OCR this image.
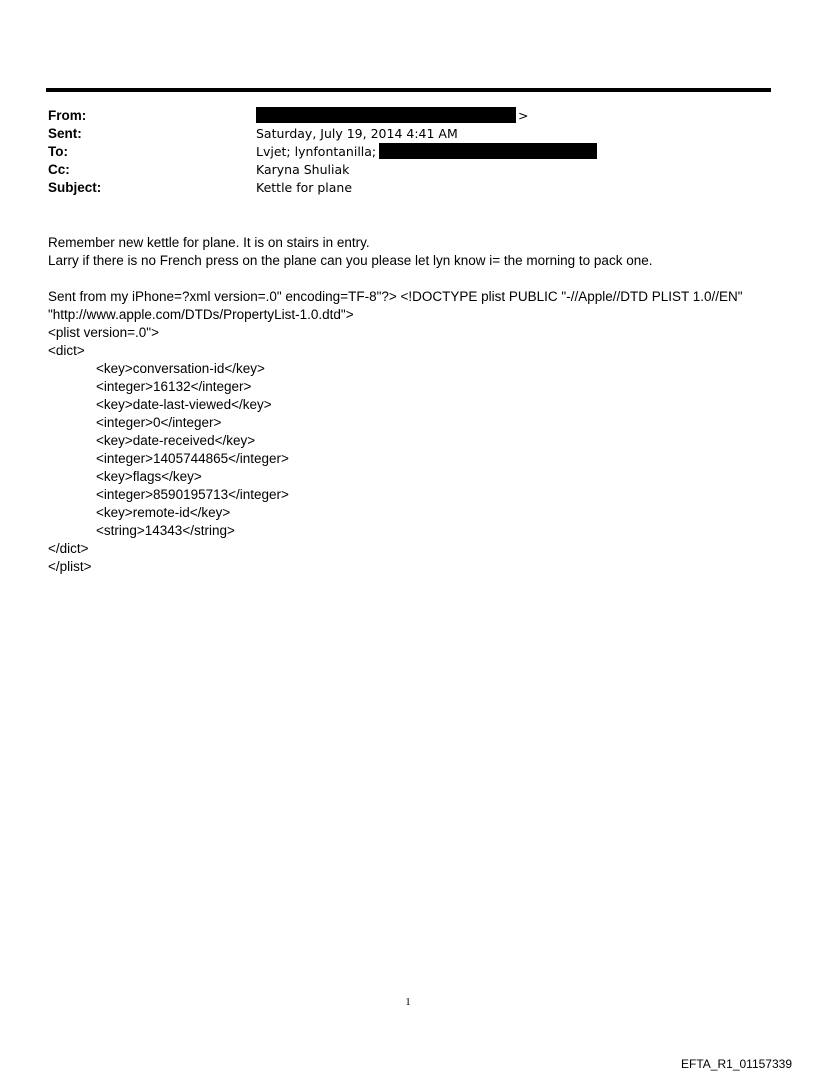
From:	>
Sent:	Saturday, July 19, 2014 4:41 AM
To:	Lvjet; lynfontanilla;
Cc:	Karyna Shuliak
Subject:	Kettle for plane

Remember new kettle for plane. It is on stairs in entry.

Larry if there is no French press on the plane can you please let lyn know i= the morning to pack one.

Sent from my iPhone=?xml version=.0" encoding=TF-8"?> <!DOCTYPE plist PUBLIC "-//Apple//DTD PLIST 1.0//EN"

"http://www.apple.com/DTDs/PropertyList-1.0.dtd">

<plist version=.0">

<dict>

<key>conversation-id</key>

<integer>16132</integer>

<key>date-last-viewed</key>

<integer>0</integer>

<key>date-received</key>

<integer>1405744865</integer>

<key>flags</key>

<integer>8590195713</integer>

<key>remote-id</key>

<string>14343</string>

</dict>

</plist>

1
EFTA_R1_01157339
